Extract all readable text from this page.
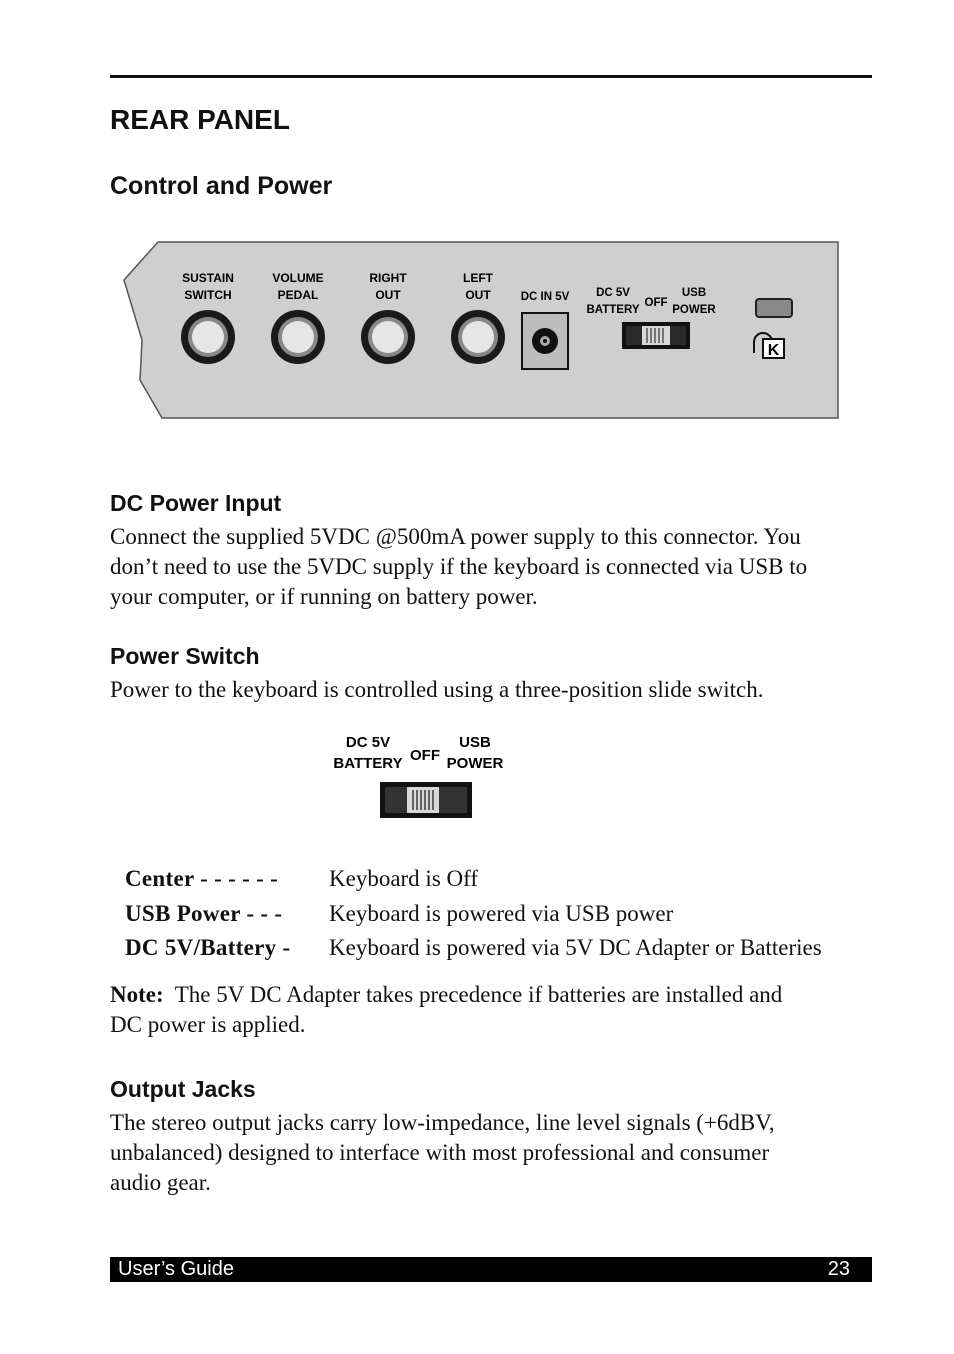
REAR PANEL
Control and Power
SUSTAIN
SWITCH
VOLUME
PEDAL
RIGHT
OUT
LEFT
OUT	DC IN 5V DC 5V
BATTERY
OFF
USB
POWER
K
DC Power Input
Connect the supplied 5VDC @500mA power supply to this connector. You
don’t need to use the 5VDC supply if the keyboard is connected via USB to
your computer, or if running on battery power.
Power Switch
Power to the keyboard is controlled using a three-position slide switch.
DC 5V
BATTERY OFF
USB
POWER
Center - - - - - - Keyboard is Off
USB Power - - - Keyboard is powered via USB power
DC 5V/Battery - Keyboard is powered via 5V DC Adapter or Batteries
Note: The 5V DC Adapter takes precedence if batteries are installed and
DC power is applied.
Output Jacks
The stereo output jacks carry low-impedance, line level signals (+6dBV,
unbalanced) designed to interface with most professional and consumer
audio gear.
User’s Guide	23
